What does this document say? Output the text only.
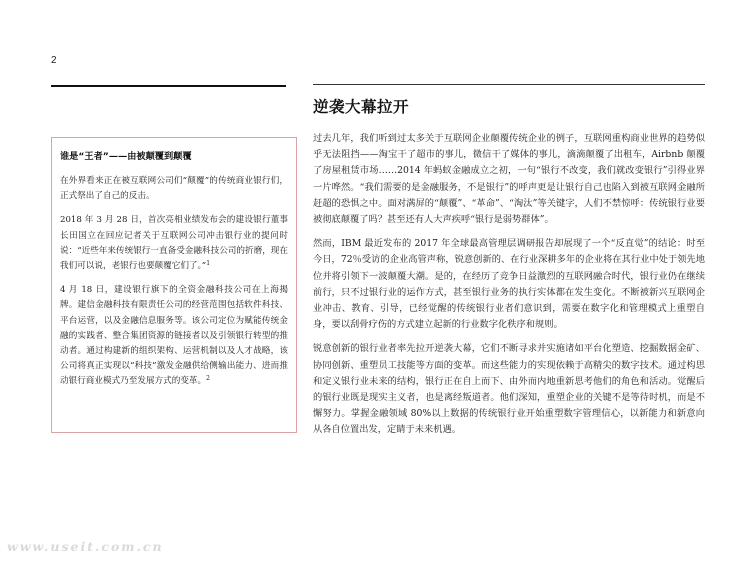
2
逆袭大幕拉开
谁是“王者”——由被颠覆到颠覆

在外界看来正在被互联网公司们“颠覆”的传统商业银行们，正式祭出了自己的反击。

2018 年 3 月 28 日，首次亮相业绩发布会的建设银行董事长田国立在回应记者关于互联网公司冲击银行业的提问时说：“近些年来传统银行一直备受金融科技公司的折磨，现在我们可以说，老银行也要颠覆它们了。”$^1$

4 月 18 日，建设银行旗下的全资金融科技公司在上海揭牌。建信金融科技有限责任公司的经营范围包括软件科技、平台运营，以及金融信息服务等。该公司定位为赋能传统金融的实践者、整合集团资源的链接者以及引领银行转型的推动者。通过构建新的组织架构、运营机制以及人才战略，该公司将真正实现以“科技”激发金融供给侧输出能力、进而推动银行商业模式乃至发展方式的变革。$^2$

过去几年，我们听到过太多关于互联网企业颠覆传统企业的例子，互联网重构商业世界的趋势似乎无法阻挡——淘宝干了超市的事儿，微信干了媒体的事儿，滴滴颠覆了出租车，Airbnb 颠覆了房屋租赁市场……2014 年蚂蚁金融成立之初，一句“银行不改变，我们就改变银行”引得业界一片哗然。“我们需要的是金融服务，不是银行”的呼声更是让银行自己也陷入到被互联网金融所赶超的恐惧之中。面对满屏的“颠覆”、“革命”、“淘汰”等关键字，人们不禁惊呼：传统银行业要被彻底颠覆了吗？甚至还有人大声疾呼“银行是弱势群体”。

然而，IBM 最近发布的 2017 年全球最高管理层调研报告却展现了一个“反直觉”的结论：时至今日，72％受访的企业高管声称，锐意创新的、在行业深耕多年的企业将在其行业中处于领先地位并将引领下一波颠覆大潮。是的，在经历了竞争日益激烈的互联网融合时代，银行业仍在继续前行，只不过银行业的运作方式，甚至银行业务的执行实体都在发生变化。不断被新兴互联网企业冲击、教育、引导，已经觉醒的传统银行业者们意识到，需要在数字化和管理模式上重塑自身，要以刮骨疗伤的方式建立起新的行业数字化秩序和规则。

锐意创新的银行业者率先拉开逆袭大幕，它们不断寻求并实施诸如平台化塑造、挖掘数据金矿、协同创新、重塑员工技能等方面的变革。而这些能力的实现依赖于高精尖的数字技术。通过构思和定义银行业未来的结构，银行正在自上而下、由外而内地重新思考他们的角色和活动。觉醒后的银行业既是现实主义者，也是离经叛道者。他们深知，重塑企业的关键不是等待时机，而是不懈努力。掌握金融领域 80%以上数据的传统银行业开始重塑数字管理信心，以新能力和新意向从各自位置出发，定睛于未来机遇。

www.useit.com.cn
